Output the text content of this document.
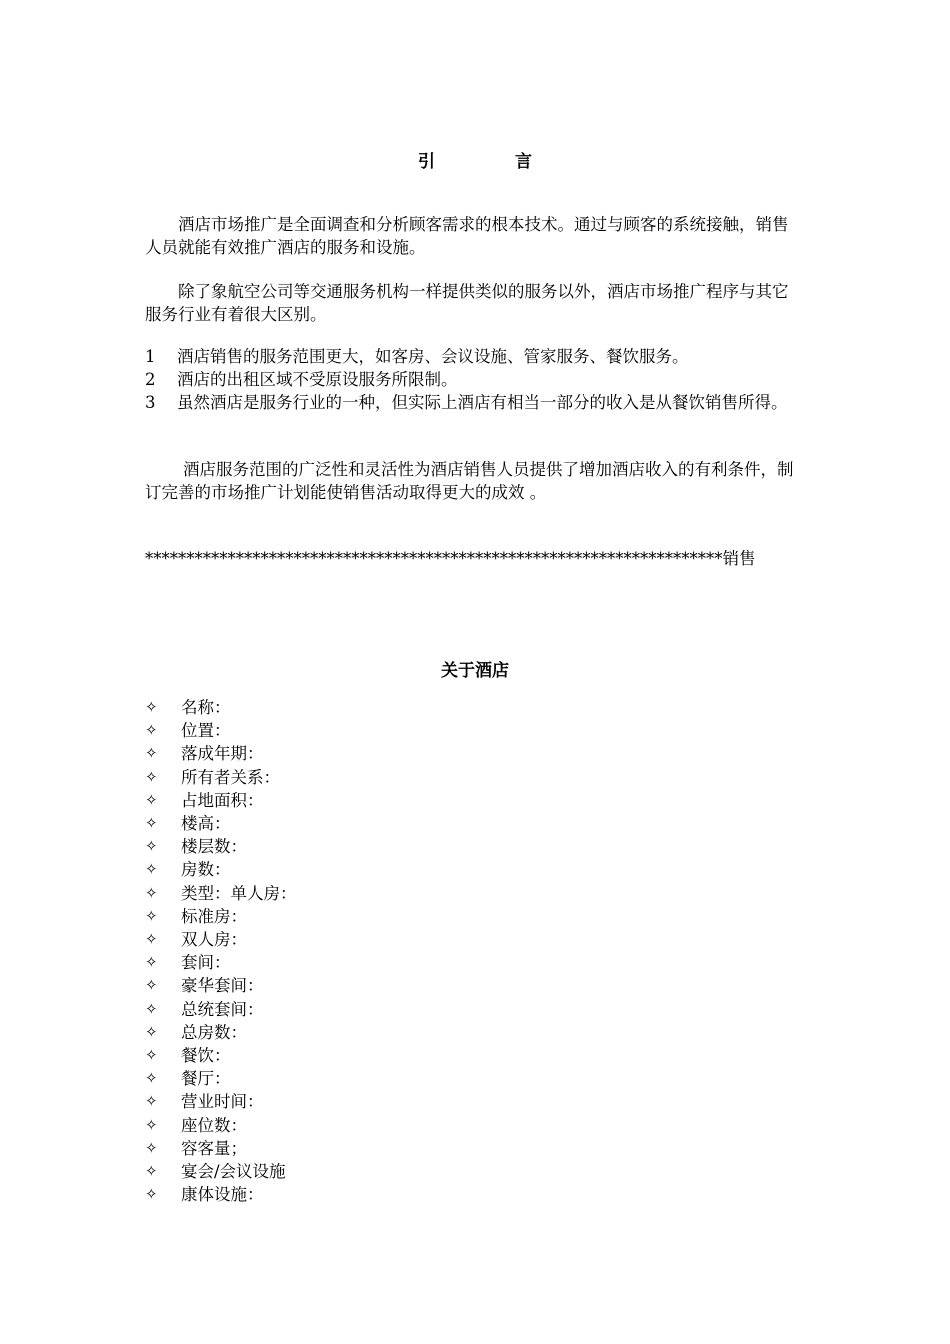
引	言
酒店市场推广是全面调查和分析顾客需求的根本技术。通过与顾客的系统接触，销售人员就能有效推广酒店的服务和设施。
除了象航空公司等交通服务机构一样提供类似的服务以外，酒店市场推广程序与其它服务行业有着很大区别。
1 酒店销售的服务范围更大，如客房、会议设施、管家服务、餐饮服务。
2 酒店的出租区域不受原设服务所限制。
3 虽然酒店是服务行业的一种，但实际上酒店有相当一部分的收入是从餐饮销售所得。
酒店服务范围的广泛性和灵活性为酒店销售人员提供了增加酒店收入的有利条件，制订完善的市场推广计划能使销售活动取得更大的成效 。
**********************************************************************销售
关于酒店
✧ 名称：
✧ 位置：
✧ 落成年期：
✧ 所有者关系：
✧ 占地面积：
✧ 楼高：
✧ 楼层数：
✧ 房数：
✧ 类型：单人房：
✧ 标准房：
✧ 双人房：
✧ 套间：
✧ 豪华套间：
✧ 总统套间：
✧ 总房数：
✧ 餐饮：
✧ 餐厅：
✧ 营业时间：
✧ 座位数：
✧ 容客量；
✧ 宴会/会议设施
✧ 康体设施：
